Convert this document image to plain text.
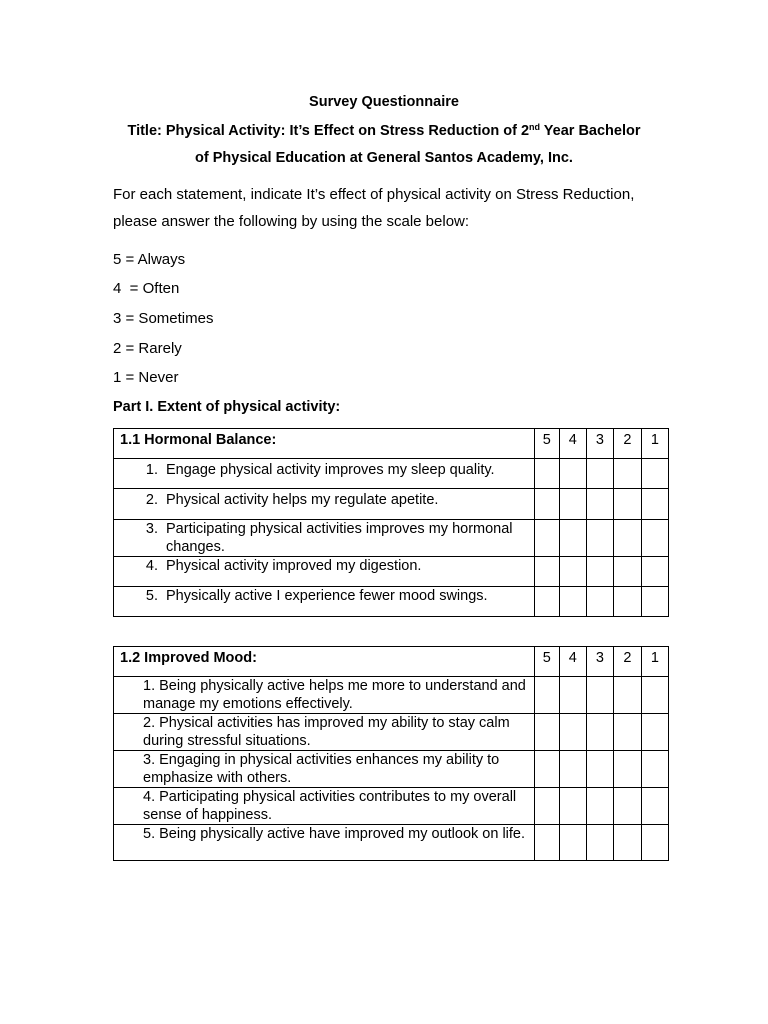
Survey Questionnaire
Title: Physical Activity: It’s Effect on Stress Reduction of 2nd Year Bachelor
of Physical Education at General Santos Academy, Inc.
For each statement, indicate It’s effect of physical activity on Stress Reduction,
please answer the following by using the scale below:
5 = Always
4  = Often
3 = Sometimes
2 = Rarely
1 = Never
Part I. Extent of physical activity:
1.1 Hormonal Balance:	5	4	3	2	1

1. Engage physical activity improves my sleep quality.					

2. Physical activity helps my regulate apetite.					

3. Participating physical activities improves my hormonal changes.					

4. Physical activity improved my digestion.					

5. Physically active I experience fewer mood swings.					

1.2 Improved Mood:	5	4	3	2	1
1. Being physically active helps me more to understand and manage my emotions effectively.					
2. Physical activities has improved my ability to stay calm during stressful situations.					
3. Engaging in physical activities enhances my ability to emphasize with others.					
4. Participating physical activities contributes to my overall sense of happiness.					
5. Being physically active have improved my outlook on life.					
